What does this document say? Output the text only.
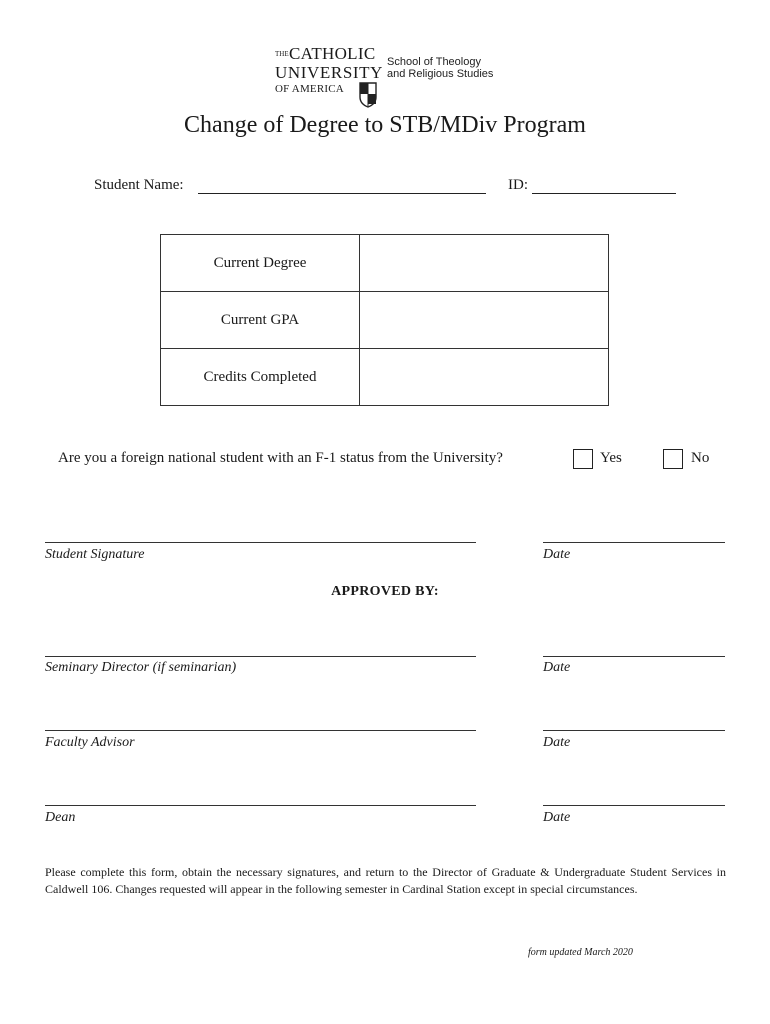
THE CATHOLIC
UNIVERSITY
OF AMERICA
School of Theology
and Religious Studies
Change of Degree to STB/MDiv Program
Student Name:	ID:
Current Degree	
Current GPA	
Credits Completed	
Are you a foreign national student with an F-1 status from the University?	Yes	No
Student Signature	Date
APPROVED BY:
Seminary Director (if seminarian)	Date
Faculty Advisor	Date
Dean	Date
Please complete this form, obtain the necessary signatures, and return to the Director of Graduate & Undergraduate Student Services in Caldwell 106. Changes requested will appear in the following semester in Cardinal Station except in special circumstances.
form updated March 2020
